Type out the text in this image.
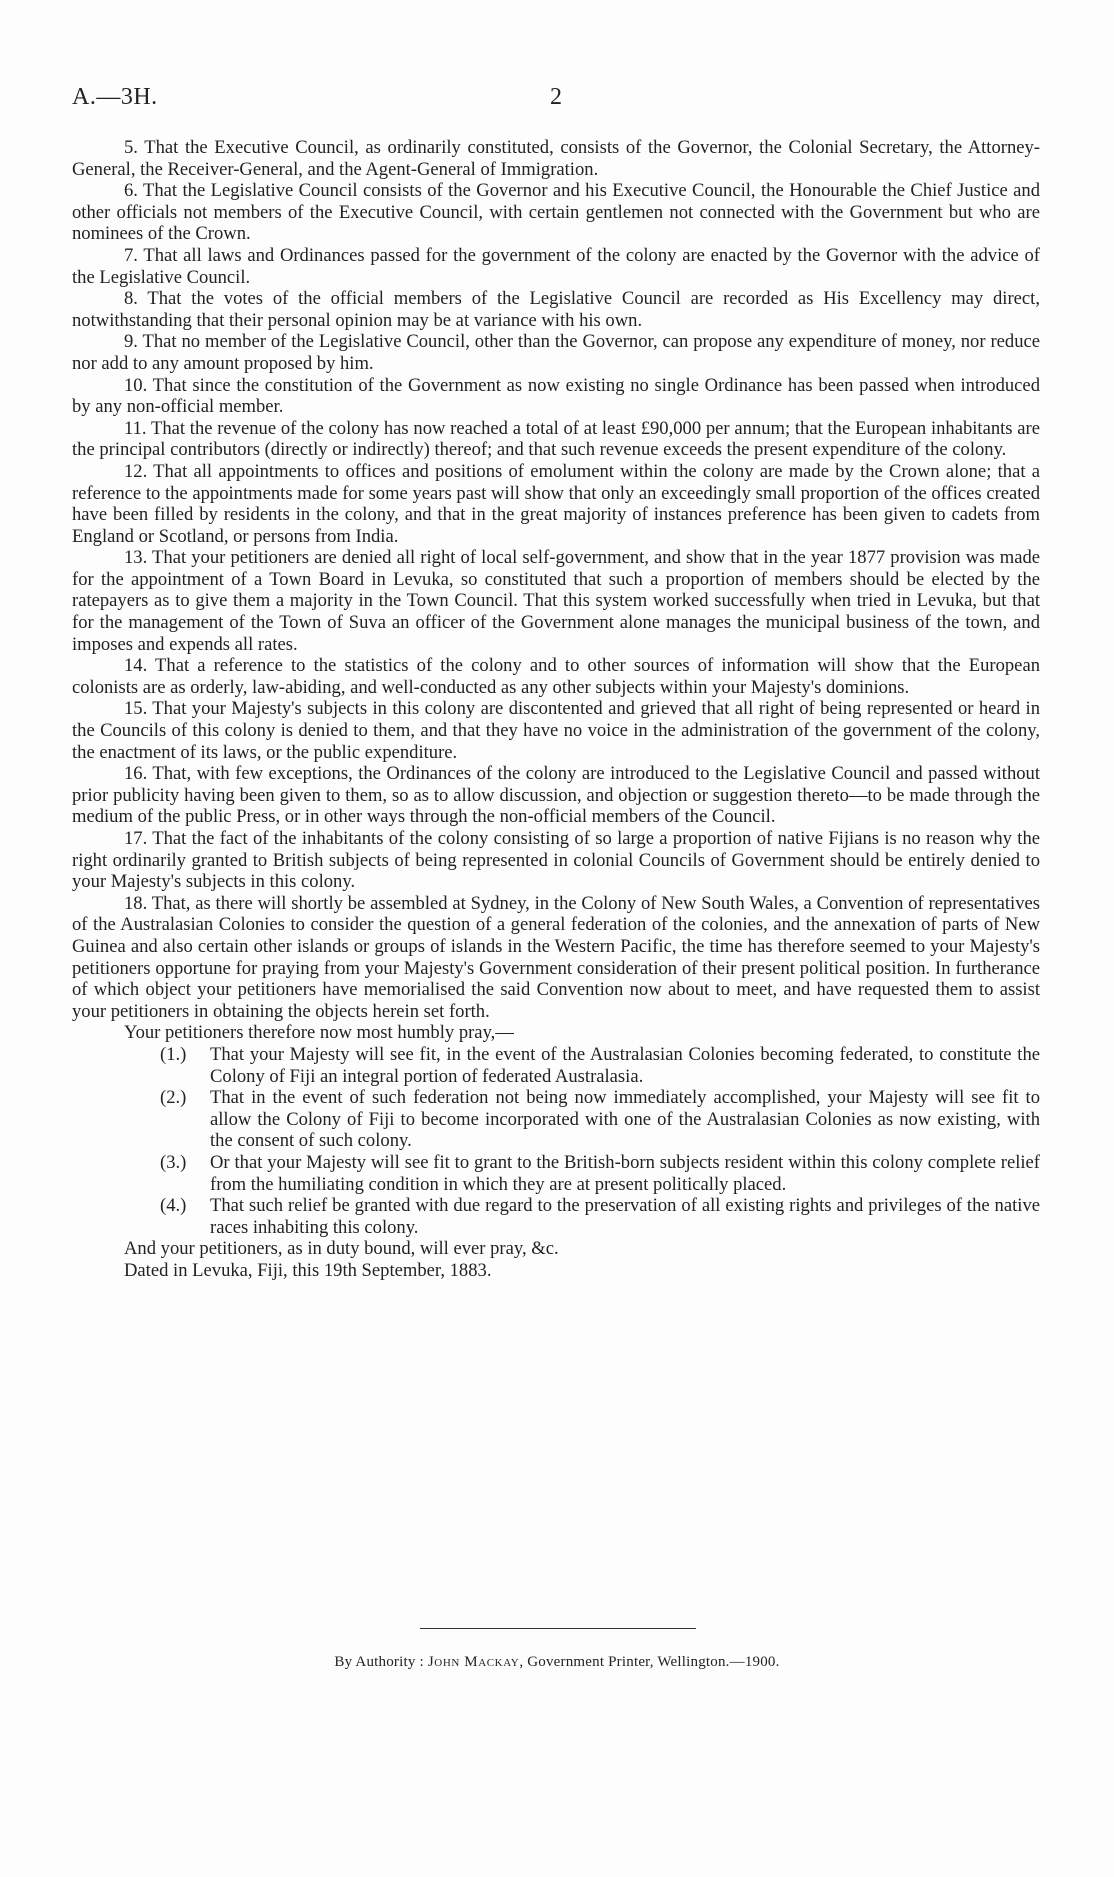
A.—3H.	2

5. That the Executive Council, as ordinarily constituted, consists of the Governor, the Colonial Secretary, the Attorney-General, the Receiver-General, and the Agent-General of Immigration.

6. That the Legislative Council consists of the Governor and his Executive Council, the Honourable the Chief Justice and other officials not members of the Executive Council, with certain gentlemen not connected with the Government but who are nominees of the Crown.

7. That all laws and Ordinances passed for the government of the colony are enacted by the Governor with the advice of the Legislative Council.

8. That the votes of the official members of the Legislative Council are recorded as His Excellency may direct, notwithstanding that their personal opinion may be at variance with his own.

9. That no member of the Legislative Council, other than the Governor, can propose any expenditure of money, nor reduce nor add to any amount proposed by him.

10. That since the constitution of the Government as now existing no single Ordinance has been passed when introduced by any non-official member.

11. That the revenue of the colony has now reached a total of at least £90,000 per annum; that the European inhabitants are the principal contributors (directly or indirectly) thereof; and that such revenue exceeds the present expenditure of the colony.

12. That all appointments to offices and positions of emolument within the colony are made by the Crown alone; that a reference to the appointments made for some years past will show that only an exceedingly small proportion of the offices created have been filled by residents in the colony, and that in the great majority of instances preference has been given to cadets from England or Scotland, or persons from India.

13. That your petitioners are denied all right of local self-government, and show that in the year 1877 provision was made for the appointment of a Town Board in Levuka, so constituted that such a proportion of members should be elected by the ratepayers as to give them a majority in the Town Council. That this system worked successfully when tried in Levuka, but that for the management of the Town of Suva an officer of the Government alone manages the municipal business of the town, and imposes and expends all rates.

14. That a reference to the statistics of the colony and to other sources of information will show that the European colonists are as orderly, law-abiding, and well-conducted as any other subjects within your Majesty's dominions.

15. That your Majesty's subjects in this colony are discontented and grieved that all right of being represented or heard in the Councils of this colony is denied to them, and that they have no voice in the administration of the government of the colony, the enactment of its laws, or the public expenditure.

16. That, with few exceptions, the Ordinances of the colony are introduced to the Legislative Council and passed without prior publicity having been given to them, so as to allow discussion, and objection or suggestion thereto—to be made through the medium of the public Press, or in other ways through the non-official members of the Council.

17. That the fact of the inhabitants of the colony consisting of so large a proportion of native Fijians is no reason why the right ordinarily granted to British subjects of being represented in colonial Councils of Government should be entirely denied to your Majesty's subjects in this colony.

18. That, as there will shortly be assembled at Sydney, in the Colony of New South Wales, a Convention of representatives of the Australasian Colonies to consider the question of a general federation of the colonies, and the annexation of parts of New Guinea and also certain other islands or groups of islands in the Western Pacific, the time has therefore seemed to your Majesty's petitioners opportune for praying from your Majesty's Government consideration of their present political position. In furtherance of which object your petitioners have memorialised the said Convention now about to meet, and have requested them to assist your petitioners in obtaining the objects herein set forth.

Your petitioners therefore now most humbly pray,—

(1.)	That your Majesty will see fit, in the event of the Australasian Colonies becoming federated, to constitute the Colony of Fiji an integral portion of federated Australasia.
(2.)	That in the event of such federation not being now immediately accomplished, your Majesty will see fit to allow the Colony of Fiji to become incorporated with one of the Australasian Colonies as now existing, with the consent of such colony.
(3.)	Or that your Majesty will see fit to grant to the British-born subjects resident within this colony complete relief from the humiliating condition in which they are at present politically placed.
(4.)	That such relief be granted with due regard to the preservation of all existing rights and privileges of the native races inhabiting this colony.

And your petitioners, as in duty bound, will ever pray, &c.

Dated in Levuka, Fiji, this 19th September, 1883.

By Authority : John Mackay, Government Printer, Wellington.—1900.
